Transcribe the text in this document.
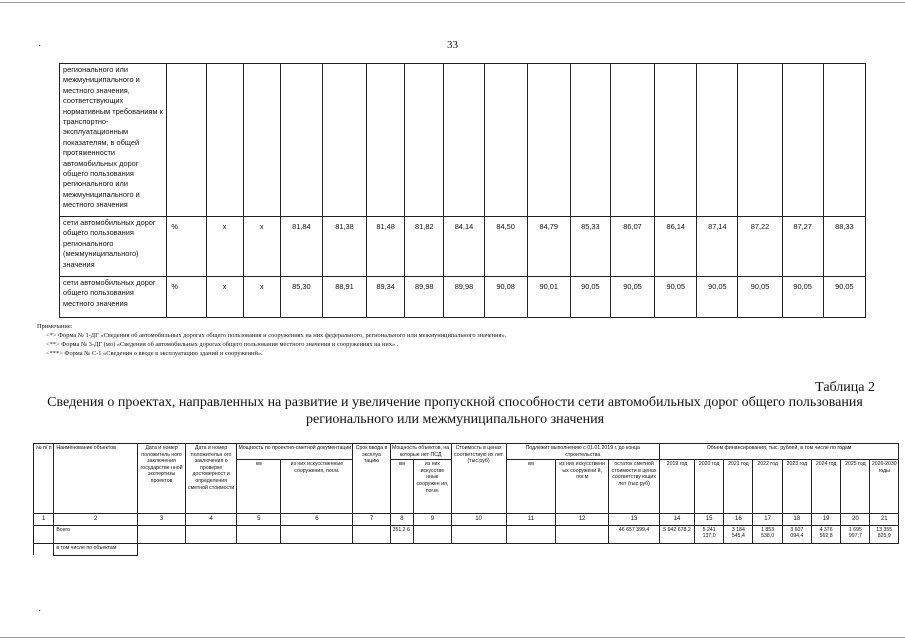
33
·
·
регионального или межмуниципального и местного значения, соответствующих нормативным требованиям к транспортно-эксплуатационным показателям, в общей протяженности автомобильных дорог общего пользования регионального или межмуниципального и местного значения																	
сети автомобильных дорог общего пользования регионального (межмуниципального) значения	%	x	x	81,84	81,38	81,48	81,82	84,14	84,50	84,79	85,33	86,07	86,14	87,14	87,22	87,27	88,33
сети автомобильных дорог общего пользования местного значения	%	x	x	85,30	88,91	89,34	89,98	89,98	90,08	90,01	90,05	90,05	90,05	90,05	90,05	90,05	90,05
Примечание:
<*> Форма № 1-ДГ «Сведения об автомобильных дорогах общего пользования и сооружениях на них федерального, регионального или межмуниципального значения».
<**> Форма № 3-ДГ (мо) «Сведения об автомобильных дорогах общего пользования местного значения и сооружениях на них» .
<***> Форма № С-1 «Сведения о вводе в эксплуатацию зданий и сооружений».
Таблица 2
Сведения о проектах, направленных на развитие и увеличение пропускной способности сети автомобильных дорог общего пользования регионального или межмуниципального значения
№ п/ п	Наименование объектов	Дата и номер положитель ного заключения государстве нной экспертизы проектов	Дата и номер положительн ого заключения о проверке достоверност и определения сметной стоимости	Мощность по проектно-сметной документации		Срок ввода в эксплуа тацию	Мощность объектов, на которые нет ПСД		Стоимость в ценах соответствую их лет (тыс.руб)	Подлежит выполнению с 01.01.2019 г. до конца строительства			Объем финансирования, тыс. рублей, в том числе по годам							
				км	из них искусственные сооружения, пог.м.		км	из них искусстве нные сооружен ия, пог.м.		км	из них искусственн ых сооружени й, пог.м	остаток сметной стоимости в ценах соответству ющих лет (тыс.руб)	2019 год	2020 год	2021 год	2022 год	2023 год	2024 год	2025 год	2026-2030 годы
1	2	3	4	5	6	7	8	9	10	11	12	13	14	15	16	17	18	19	20	21
	Всего						351,2 6					46 657 399,4	5 942 678,2	5 241 137,0	3 184 545,4	1 853 538,0	3 607 094,4	4 376 562,8	1 695 997,7	13 355 825,9
	в том числе по объектам																			
